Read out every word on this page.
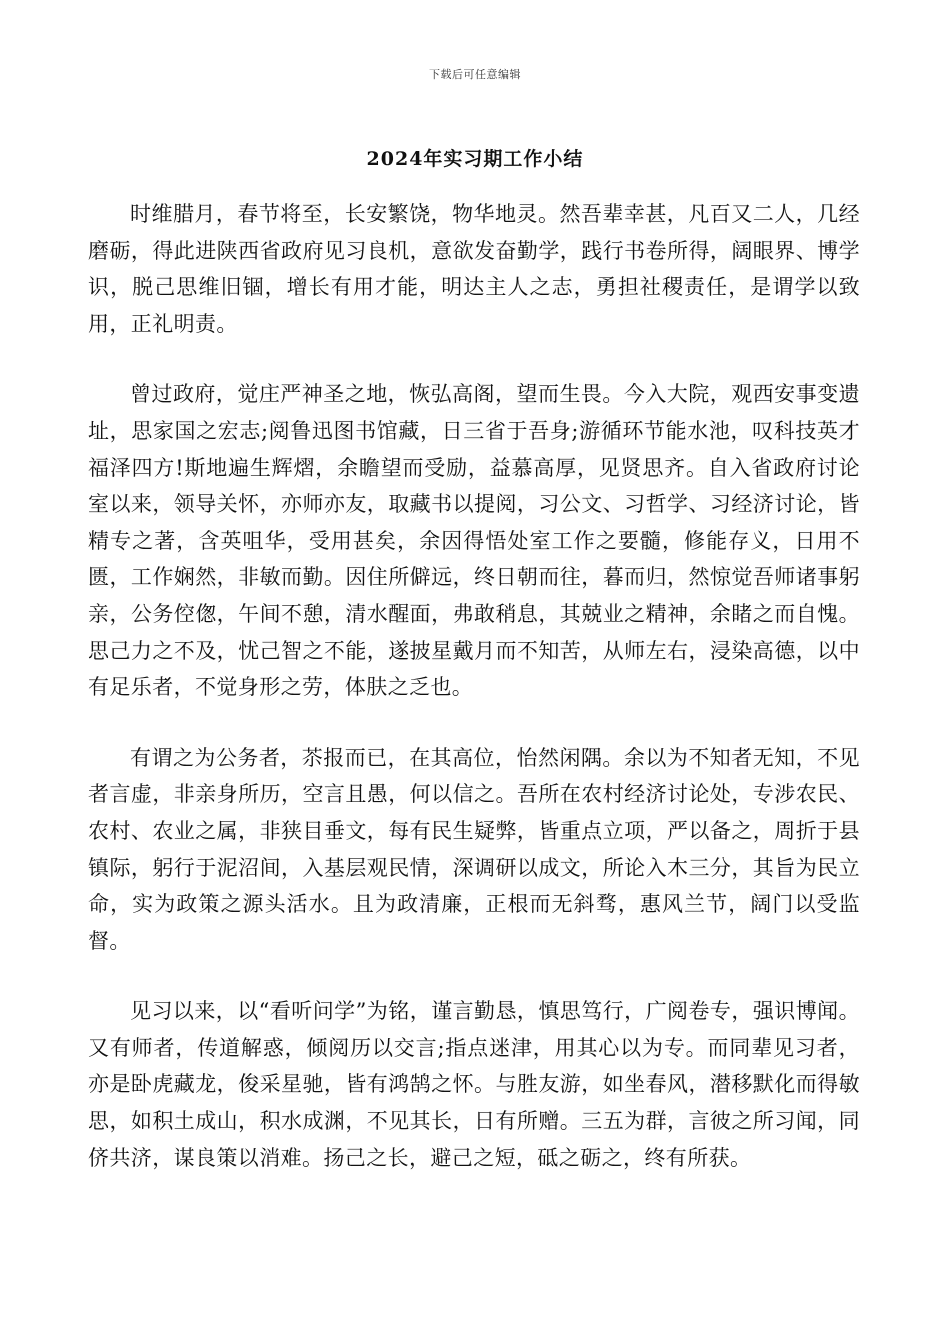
下载后可任意编辑
2024年实习期工作小结

时维腊月，春节将至，长安繁饶，物华地灵。然吾辈幸甚，凡百又二人，几经磨砺，得此进陕西省政府见习良机，意欲发奋勤学，践行书卷所得，阔眼界、博学识，脱己思维旧锢，增长有用才能，明达主人之志，勇担社稷责任，是谓学以致用，正礼明责。

曾过政府，觉庄严神圣之地，恢弘高阁，望而生畏。今入大院，观西安事变遗址，思家国之宏志;阅鲁迅图书馆藏，日三省于吾身;游循环节能水池，叹科技英才福泽四方!斯地遍生辉熠，余瞻望而受励，益慕高厚，见贤思齐。自入省政府讨论室以来，领导关怀，亦师亦友，取藏书以提阅，习公文、习哲学、习经济讨论，皆精专之著，含英咀华，受用甚矣，余因得悟处室工作之要髓，修能存义，日用不匮，工作娴然，非敏而勤。因住所僻远，终日朝而往，暮而归，然惊觉吾师诸事躬亲，公务倥偬，午间不憩，清水醒面，弗敢稍息，其兢业之精神，余睹之而自愧。思己力之不及，忧己智之不能，遂披星戴月而不知苦，从师左右，浸染高德，以中有足乐者，不觉身形之劳，体肤之乏也。

有谓之为公务者，苶报而已，在其高位，怡然闲隅。余以为不知者无知，不见者言虚，非亲身所历，空言且愚，何以信之。吾所在农村经济讨论处，专涉农民、农村、农业之属，非狭目垂文，每有民生疑弊，皆重点立项，严以备之，周折于县镇际，躬行于泥沼间，入基层观民情，深调研以成文，所论入木三分，其旨为民立命，实为政策之源头活水。且为政清廉，正根而无斜骛，惠风兰节，阔门以受监督。

见习以来，以“看听问学”为铭，谨言勤恳，慎思笃行，广阅卷专，强识博闻。又有师者，传道解惑，倾阅历以交言;指点迷津，用其心以为专。而同辈见习者，亦是卧虎藏龙，俊采星驰，皆有鸿鹄之怀。与胜友游，如坐春风，潜移默化而得敏思，如积土成山，积水成渊，不见其长，日有所赠。三五为群，言彼之所习闻，同侪共济，谋良策以消难。扬己之长，避己之短，砥之砺之，终有所获。
